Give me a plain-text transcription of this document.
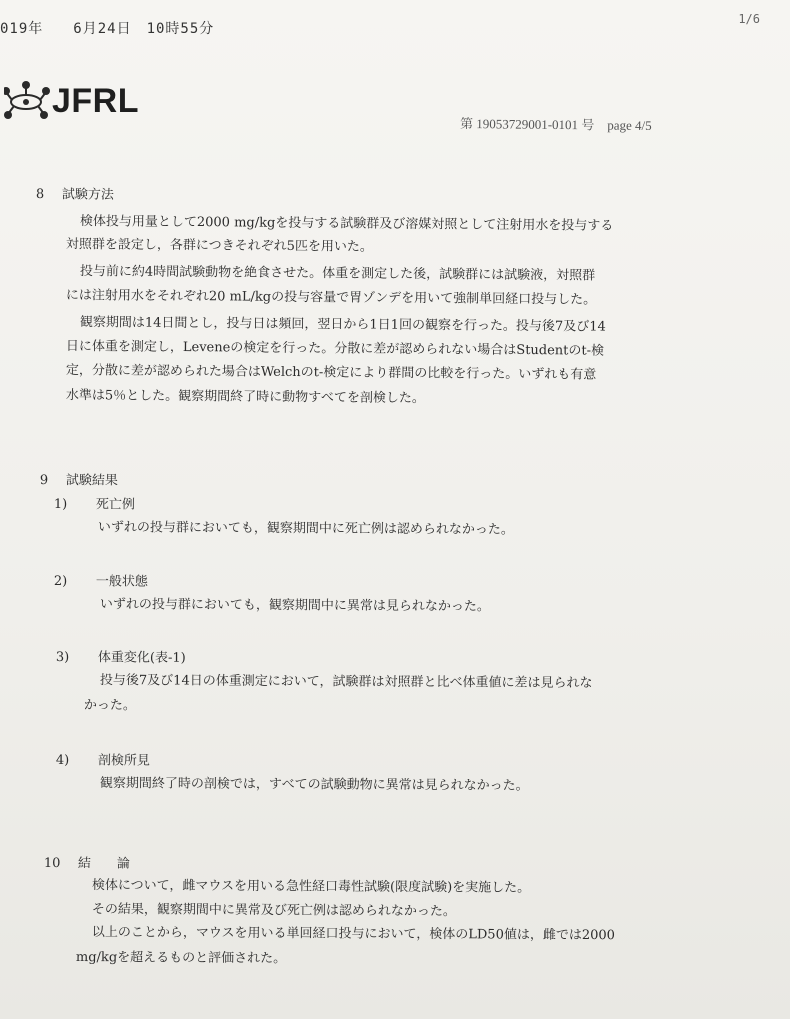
019年　　6月24日　10時55分
1/6
JFRL
第 19053729001-0101 号　page 4/5
8 試験方法
検体投与用量として2000 mg/kgを投与する試験群及び溶媒対照として注射用水を投与する
対照群を設定し，各群につきそれぞれ5匹を用いた。
投与前に約4時間試験動物を絶食させた。体重を測定した後，試験群には試験液，対照群
には注射用水をそれぞれ20 mL/kgの投与容量で胃ゾンデを用いて強制単回経口投与した。
観察期間は14日間とし，投与日は頻回，翌日から1日1回の観察を行った。投与後7及び14
日に体重を測定し，Leveneの検定を行った。分散に差が認められない場合はStudentのt-検
定，分散に差が認められた場合はWelchのt-検定により群間の比較を行った。いずれも有意
水準は5％とした。観察期間終了時に動物すべてを剖検した。
9 試験結果
1) 死亡例
いずれの投与群においても，観察期間中に死亡例は認められなかった。
2) 一般状態
いずれの投与群においても，観察期間中に異常は見られなかった。
3) 体重変化(表-1)
投与後7及び14日の体重測定において，試験群は対照群と比べ体重値に差は見られな
かった。
4) 剖検所見
観察期間終了時の剖検では，すべての試験動物に異常は見られなかった。
10 結　　論
検体について，雌マウスを用いる急性経口毒性試験(限度試験)を実施した。
その結果，観察期間中に異常及び死亡例は認められなかった。
以上のことから，マウスを用いる単回経口投与において，検体のLD50値は，雌では2000
mg/kgを超えるものと評価された。
